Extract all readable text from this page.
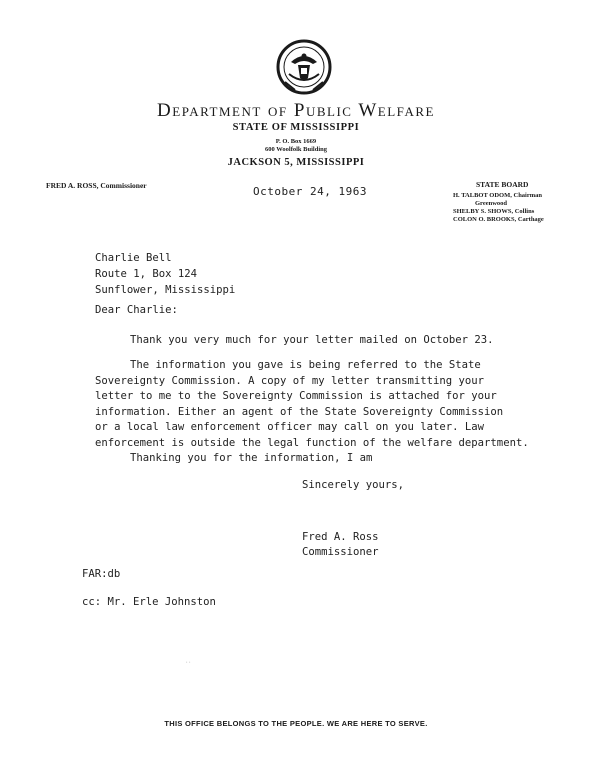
Department of Public Welfare
STATE OF MISSISSIPPI
P. O. Box 1669
600 Woolfolk Building
JACKSON 5, MISSISSIPPI
FRED A. ROSS, Commissioner	STATE BOARD
H. TALBOT ODOM, Chairman
Greenwood
SHELBY S. SHOWS, Collins
COLON O. BROOKS, Carthage
October 24, 1963
Charlie Bell
Route 1, Box 124
Sunflower, Mississippi
Dear Charlie:
Thank you very much for your letter mailed on October 23.
The information you gave is being referred to the State
Sovereignty Commission. A copy of my letter transmitting your
letter to me to the Sovereignty Commission is attached for your
information. Either an agent of the State Sovereignty Commission
or a local law enforcement officer may call on you later. Law
enforcement is outside the legal function of the welfare department.
Thanking you for the information, I am
Sincerely yours,
Fred A. Ross
Commissioner
FAR:db
cc: Mr. Erle Johnston
∙ ∙
THIS OFFICE BELONGS TO THE PEOPLE. WE ARE HERE TO SERVE.
